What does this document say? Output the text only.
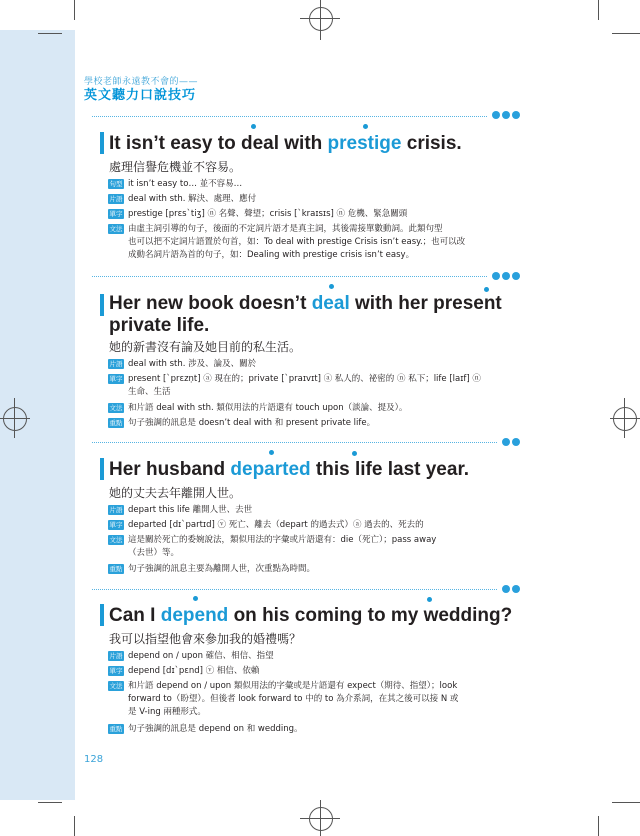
學校老師永遠教不會的——
英文聽力口說技巧
It isn’t easy to deal with
prestige crisis.
處理信譽危機並不容易。
句型 it isn’t easy to… 並不容易…
片語 deal with sth. 解決、處理、應付
單字 prestige [prɛsˋtiʒ] ⓝ 名聲、聲望；crisis [ˋkraɪsɪs] ⓝ 危機、緊急關頭
文法 由虛主詞引導的句子，後面的不定詞片語才是真主詞，其後需接單數動詞。此類句型
也可以把不定詞片語置於句首，如：To deal with prestige Crisis isn’t easy.；也可以改
成動名詞片語為首的句子，如：Dealing with prestige crisis isn’t easy。
Her new book doesn’t
deal with her present private life.
她的新書沒有論及她目前的私生活。
片語 deal with sth. 涉及、論及、關於
單字 present [ˋprɛzṇt] ⓐ 現在的；private [ˋpraɪvɪt] ⓐ 私人的、祕密的 ⓝ 私下；life [laɪf] ⓝ
生命、生活
文法 和片語 deal with sth. 類似用法的片語還有 touch upon（談論、提及）。
重點 句子強調的訊息是 doesn’t deal with 和 present private life。
Her husband
departed this life last year.
她的丈夫去年離開人世。
片語 depart this life 離開人世、去世
單字 departed [dɪˋpartɪd] ⓥ 死亡、離去（depart 的過去式）ⓐ 過去的、死去的
文法 這是關於死亡的委婉說法，類似用法的字彙或片語還有：die（死亡）；pass away
（去世）等。
重點 句子強調的訊息主要為離開人世，次重點為時間。
Can I
depend on his coming to my wedding?
我可以指望他會來參加我的婚禮嗎？
片語 depend on / upon 確信、相信、指望
單字 depend [dɪˋpɛnd] ⓥ 相信、依賴
文法 和片語 depend on / upon 類似用法的字彙或是片語還有 expect（期待、指望）；look
forward to（盼望）。但後者 look forward to 中的 to 為介系詞，在其之後可以接 N 或
是 V-ing 兩種形式。
重點 句子強調的訊息是 depend on 和 wedding。
128
